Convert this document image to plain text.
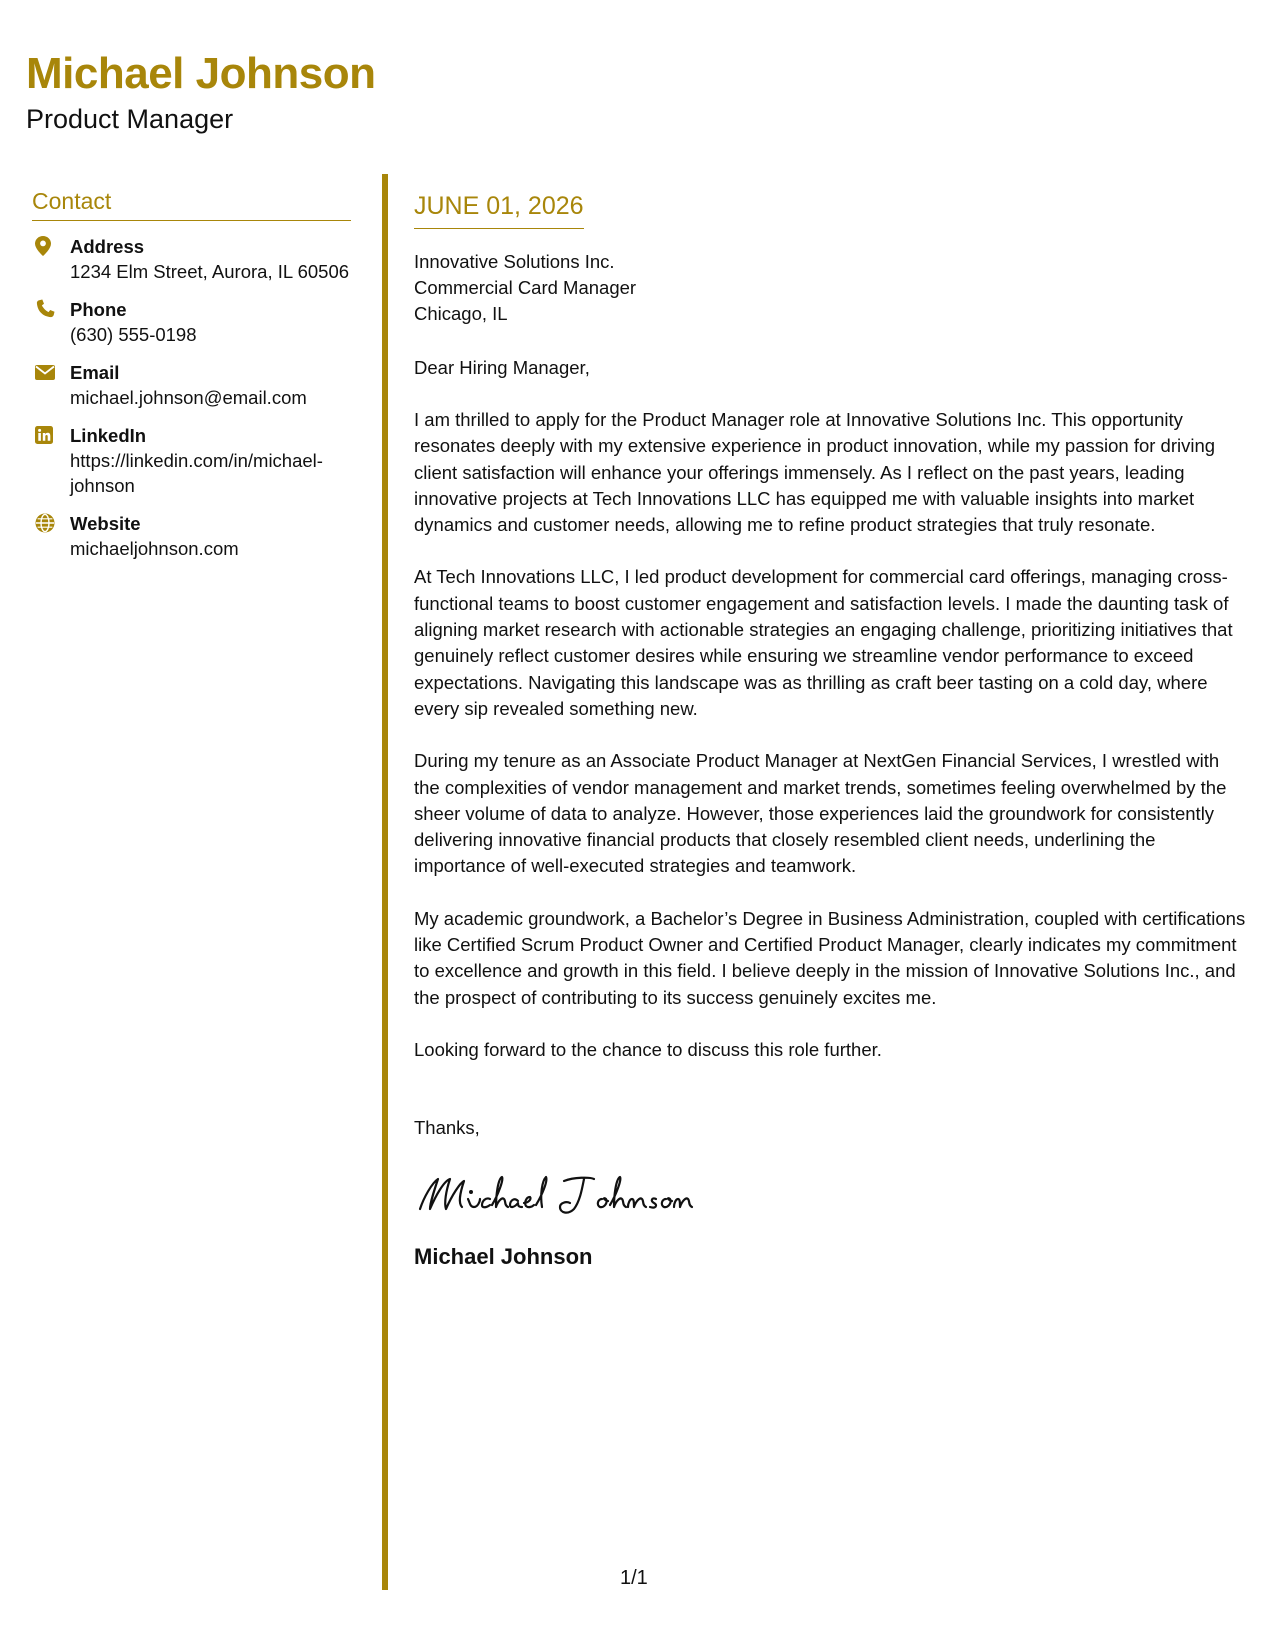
Michael Johnson
Product Manager
Contact
Address
1234 Elm Street, Aurora, IL 60506
Phone
(630) 555-0198
Email
michael.johnson@email.com
LinkedIn
https://linkedin.com/in/michael-johnson
Website
michaeljohnson.com
JUNE 01, 2026
Innovative Solutions Inc.
Commercial Card Manager
Chicago, IL
Dear Hiring Manager,
I am thrilled to apply for the Product Manager role at Innovative Solutions Inc. This opportunity resonates deeply with my extensive experience in product innovation, while my passion for driving client satisfaction will enhance your offerings immensely. As I reflect on the past years, leading innovative projects at Tech Innovations LLC has equipped me with valuable insights into market dynamics and customer needs, allowing me to refine product strategies that truly resonate.
At Tech Innovations LLC, I led product development for commercial card offerings, managing cross-functional teams to boost customer engagement and satisfaction levels. I made the daunting task of aligning market research with actionable strategies an engaging challenge, prioritizing initiatives that genuinely reflect customer desires while ensuring we streamline vendor performance to exceed expectations. Navigating this landscape was as thrilling as craft beer tasting on a cold day, where every sip revealed something new.
During my tenure as an Associate Product Manager at NextGen Financial Services, I wrestled with the complexities of vendor management and market trends, sometimes feeling overwhelmed by the sheer volume of data to analyze. However, those experiences laid the groundwork for consistently delivering innovative financial products that closely resembled client needs, underlining the importance of well-executed strategies and teamwork.
My academic groundwork, a Bachelor’s Degree in Business Administration, coupled with certifications like Certified Scrum Product Owner and Certified Product Manager, clearly indicates my commitment to excellence and growth in this field. I believe deeply in the mission of Innovative Solutions Inc., and the prospect of contributing to its success genuinely excites me.
Looking forward to the chance to discuss this role further.
Thanks,
Michael Johnson
1/1
